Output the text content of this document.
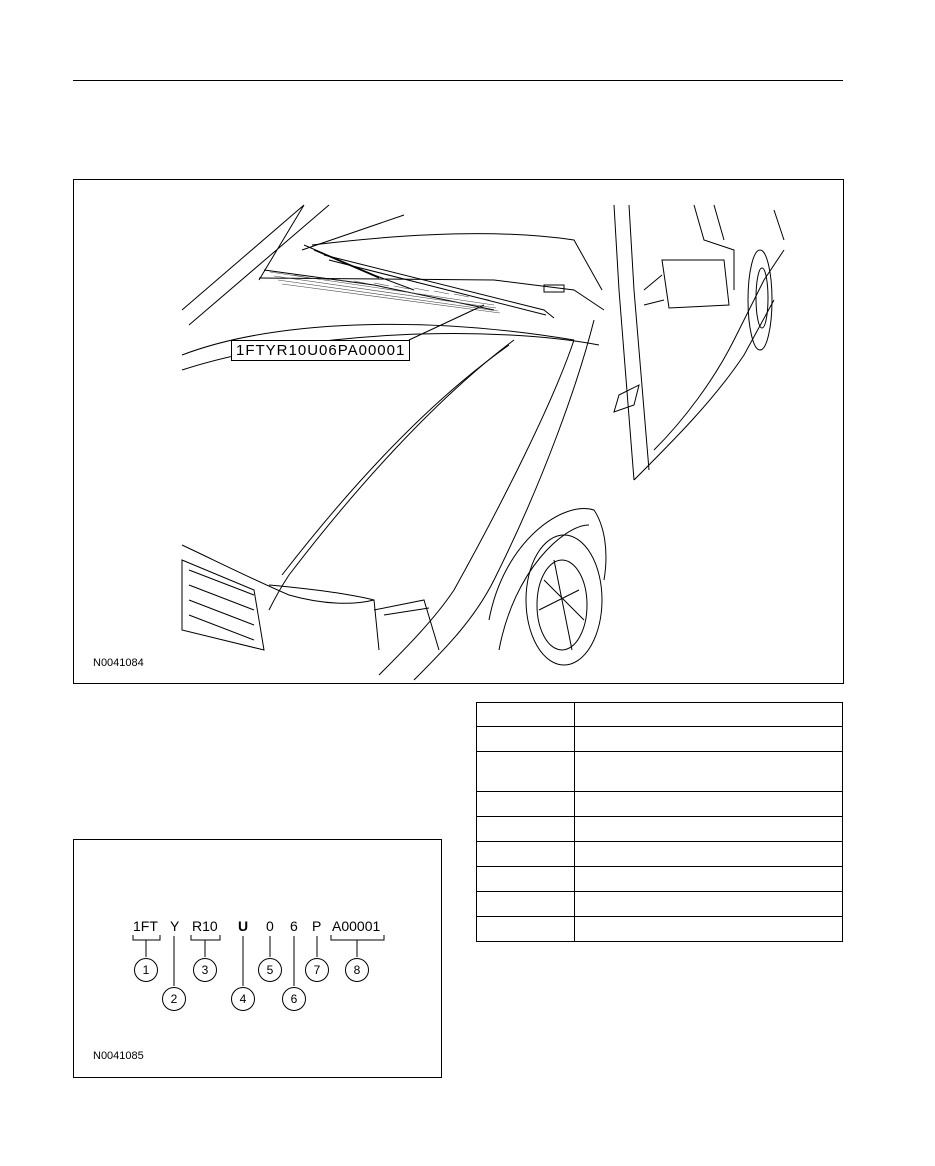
1FTYR10U06PA00001
N0041084

1FT Y R10 U 0 6 P A00001
1
2
3
4
5
6
7	8
N0041085
